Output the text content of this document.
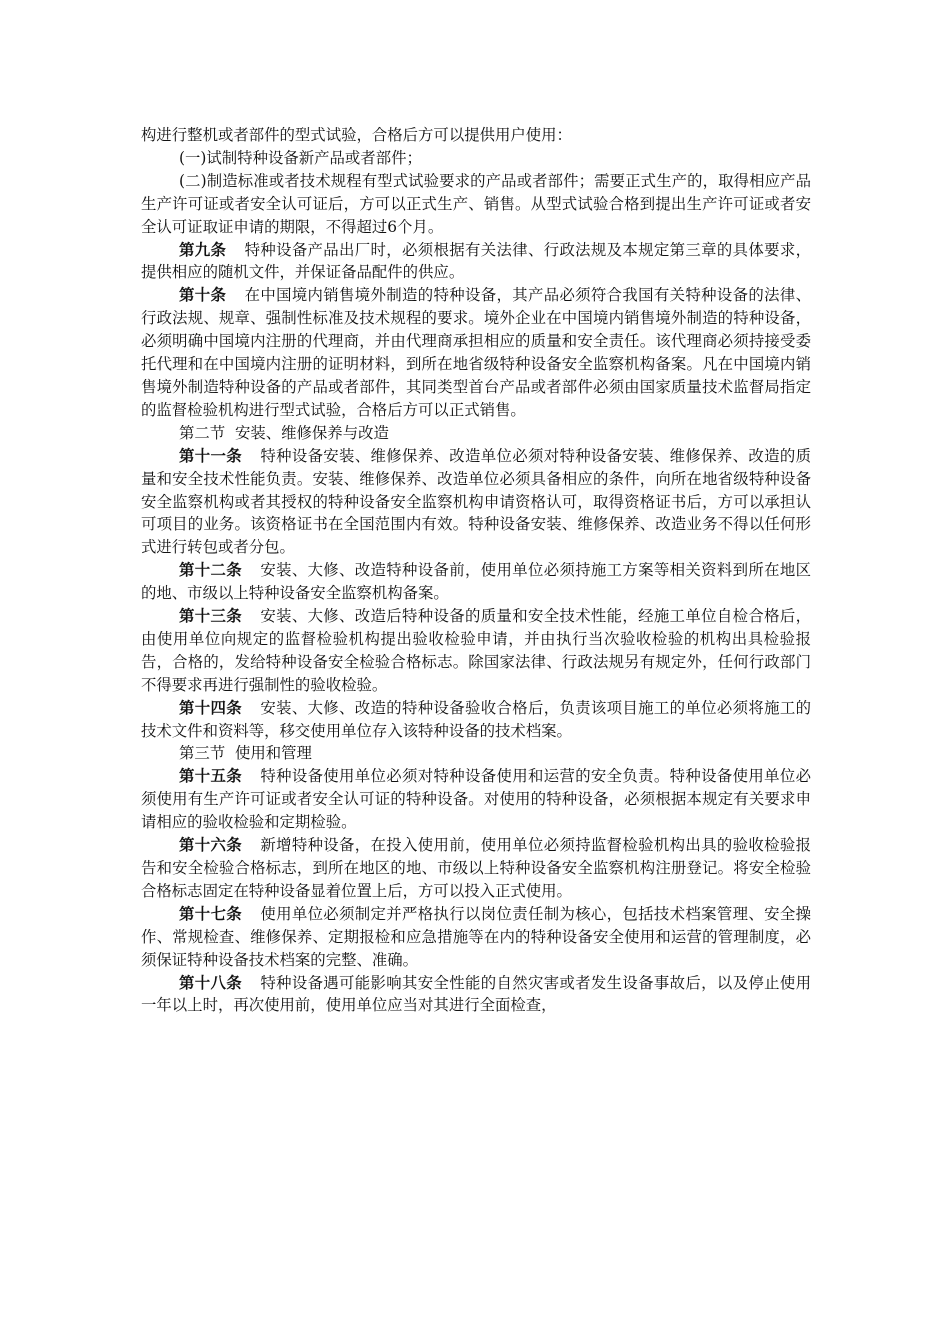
构进行整机或者部件的型式试验，合格后方可以提供用户使用：

(一)试制特种设备新产品或者部件；

(二)制造标准或者技术规程有型式试验要求的产品或者部件；需要正式生产的，取得相应产品生产许可证或者安全认可证后，方可以正式生产、销售。从型式试验合格到提出生产许可证或者安全认可证取证申请的期限，不得超过6个月。

第九条 特种设备产品出厂时，必须根据有关法律、行政法规及本规定第三章的具体要求，提供相应的随机文件，并保证备品配件的供应。

第十条 在中国境内销售境外制造的特种设备，其产品必须符合我国有关特种设备的法律、行政法规、规章、强制性标准及技术规程的要求。境外企业在中国境内销售境外制造的特种设备，必须明确中国境内注册的代理商，并由代理商承担相应的质量和安全责任。该代理商必须持接受委托代理和在中国境内注册的证明材料，到所在地省级特种设备安全监察机构备案。凡在中国境内销售境外制造特种设备的产品或者部件，其同类型首台产品或者部件必须由国家质量技术监督局指定的监督检验机构进行型式试验，合格后方可以正式销售。

第二节  安装、维修保养与改造

第十一条 特种设备安装、维修保养、改造单位必须对特种设备安装、维修保养、改造的质量和安全技术性能负责。安装、维修保养、改造单位必须具备相应的条件，向所在地省级特种设备安全监察机构或者其授权的特种设备安全监察机构申请资格认可，取得资格证书后，方可以承担认可项目的业务。该资格证书在全国范围内有效。特种设备安装、维修保养、改造业务不得以任何形式进行转包或者分包。

第十二条 安装、大修、改造特种设备前，使用单位必须持施工方案等相关资料到所在地区的地、市级以上特种设备安全监察机构备案。

第十三条 安装、大修、改造后特种设备的质量和安全技术性能，经施工单位自检合格后，由使用单位向规定的监督检验机构提出验收检验申请，并由执行当次验收检验的机构出具检验报告，合格的，发给特种设备安全检验合格标志。除国家法律、行政法规另有规定外，任何行政部门不得要求再进行强制性的验收检验。

第十四条 安装、大修、改造的特种设备验收合格后，负责该项目施工的单位必须将施工的技术文件和资料等，移交使用单位存入该特种设备的技术档案。

第三节  使用和管理

第十五条 特种设备使用单位必须对特种设备使用和运营的安全负责。特种设备使用单位必须使用有生产许可证或者安全认可证的特种设备。对使用的特种设备，必须根据本规定有关要求申请相应的验收检验和定期检验。

第十六条 新增特种设备，在投入使用前，使用单位必须持监督检验机构出具的验收检验报告和安全检验合格标志，到所在地区的地、市级以上特种设备安全监察机构注册登记。将安全检验合格标志固定在特种设备显着位置上后，方可以投入正式使用。

第十七条 使用单位必须制定并严格执行以岗位责任制为核心，包括技术档案管理、安全操作、常规检查、维修保养、定期报检和应急措施等在内的特种设备安全使用和运营的管理制度，必须保证特种设备技术档案的完整、准确。

第十八条 特种设备遇可能影响其安全性能的自然灾害或者发生设备事故后，以及停止使用一年以上时，再次使用前，使用单位应当对其进行全面检查，
